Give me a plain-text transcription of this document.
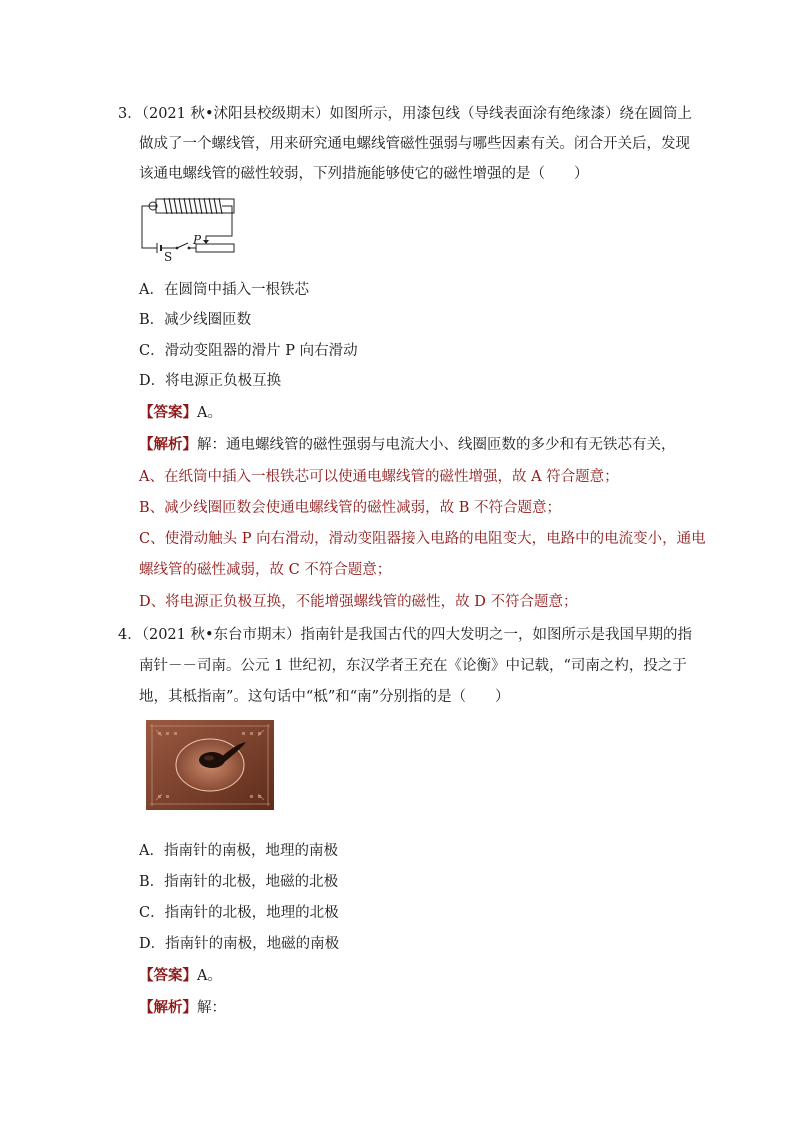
3．（2021 秋•沭阳县校级期末）如图所示，用漆包线（导线表面涂有绝缘漆）绕在圆筒上
做成了一个螺线管，用来研究通电螺线管磁性强弱与哪些因素有关。闭合开关后，发现
该通电螺线管的磁性较弱，下列措施能够使它的磁性增强的是（　　）
P
S
A．在圆筒中插入一根铁芯
B．减少线圈匝数
C．滑动变阻器的滑片 P 向右滑动
D．将电源正负极互换
【答案】A。
【解析】解：通电螺线管的磁性强弱与电流大小、线圈匝数的多少和有无铁芯有关，
A、在纸筒中插入一根铁芯可以使通电螺线管的磁性增强，故 A 符合题意；
B、减少线圈匝数会使通电螺线管的磁性减弱，故 B 不符合题意；
C、使滑动触头 P 向右滑动，滑动变阻器接入电路的电阻变大，电路中的电流变小，通电
螺线管的磁性减弱，故 C 不符合题意；
D、将电源正负极互换，不能增强螺线管的磁性，故 D 不符合题意；
4．（2021 秋•东台市期末）指南针是我国古代的四大发明之一，如图所示是我国早期的指
南针－－司南。公元 1 世纪初，东汉学者王充在《论衡》中记载，“司南之杓，投之于
地，其柢指南”。这句话中“柢”和“南”分别指的是（　　）
A．指南针的南极，地理的南极
B．指南针的北极，地磁的北极
C．指南针的北极，地理的北极
D．指南针的南极，地磁的南极
【答案】A。
【解析】解：
